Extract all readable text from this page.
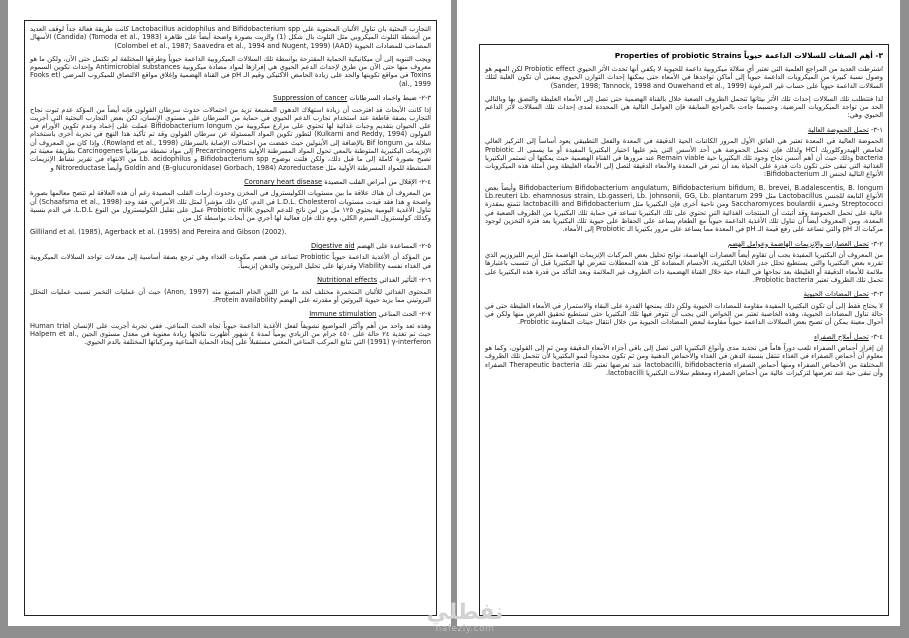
التجارب البحثية بان تناول الألبان المحتوية على Lactobacillus acidophilus and Bifidobacterium spp كانت طريقة فعالة جداً لوقف العديد من أنشطة التلوث الميكروبي مثل التلوث بال شكل (1) والزيت بصورة واضحة أيضاً على ظاهرة (Tomoda et al., 1983) (Candida) الأسهال المصاحب للمضادات الحيوية (AAD) (Colombel et al., 1987; Saavedra et al., 1994 and Nugent, 1999)

ويجب التنويه إلى أن ميكانيكية الحماية المقترحة بواسطة تلك السلالات الميكروبية الداعمة حيوياً وطرقها المختلفة لم تكتمل حتى الآن، ولكن ما هو معروف منها حتى الآن من طرق لإحداث الدعم الحيوي هي إفرازها لمواد مضادة ميكروبية Antimicrobial substances وإحداث تكوين السموم Toxins في مواقع تكوينها والحد على زيادة الحامض الاكتيكي وقيم الـ pH في القناة الهضمية وإغلاق مواقع الالتصاق للميكروب المرضي (Fooks et al., 1999)

٣-٢- ضبط واخماد السرطانات Suppression of cancer

إذا كانت الأبحاث قد افترحت أن زيادة استهلاك الدهون المشبعة تزيد من احتمالات حدوث سرطان القولون فإنه أيضاً من المؤكد عدم ثبوت نجاح التجارب بصفة قاطعة عند استخدام تجارب الدعم الحيوي في حماية من السرطان على مستوى الإنسان، لكن بعض التجارب البحثية التي أجريت على الحيوان بتقديم وجبات غذائية لها تحتوي على مزارع ميكروبية من Bifidobacterium longum عملت على إخماد وعدم تكوين الأورام في القولون (Kulkarni and Reddy, 1994) لتطور تكوين المواد المسئولة عن سرطان القولون وقد تم تأكيد هذا النهج في تجربة أخرى باستخدام سلالة من Bif longum بالإضافة إلى الأينولين حيث خفضت من احتمالات الإصابة بالسرطان (Rowland et al., 1998). وإذا كان من المعروف أن الإنزيمات البكتيرية المتوطنة بالمعي تحول المواد المسرطنة الأولية Precarcinogens إلى مواد نشطة سرطانياً Carcinogenes بطريقة معينة ثم تصبح بصورة كاملة إلى ما قبل ذلك، ولكن فلتت بوضوح Bifidobacterium spp و Lb. acidophilus من الانتهاء في تقرير نشاط الإنزيمات المنشطة للمواد المسرطنة الأولية مثل Goldin and (B-glucuronidase) Gorbach, 1984) Azoreductase وأيضاً Nitroreductase و

٤-٢- الإقلال من أمراض القلب المصيدة Coronary heart disease

من المعروف أن هناك علاقة ما بين مستويات الكوليسترول في المخزن وحدوث أزمات القلب المصيدة رغم أن هذه العلاقة لم تتضح معالمها بصورة واضحة و هذا فقد قيدت مستويات L.D.L. Cholesterol في الدم، كان ذلك مؤشراً لمثل تلك الأمراض، فقد وجد (Schaafsma et al., 1998) أن تناول الأغذية اليومية يحتوي ١٢٥ مل من لبن ناتج للدعم الحيوي Probiotic milk عمل على تقليل الكوليسترول من النوع L.D.L. في الدم بنسبة وكذلك كوليسترول السيرم الكلي، ومع ذلك فإن فعالية لها أجري من أبحاث بواسطة كل من

Gilliland et al. (1985), Agerback et al. (1995) and Pereira and Gibson (2002).

٥-٢- المساعدة على الهضم Digestive aid

من المؤكد أن الأغذية الداعمة حيوياً Probiotic تساعد في هضم مكونات الغذاء وهي ترجع بصفة أساسية إلى معدلات تواجد السلالات الميكروبية في الغذاء نفسه Viability وقدرتها على تحليل البروتين والدهن إنزيمياً.

٦-٢- التأثير الغذائي Nutritional effects

المحتوى الغذائي للألبان المتخمرة مختلف لحد ما عن اللبن الخام المصنع منه (Anon, 1997) حيث أن عمليات التخمر تسبب عمليات التحلل البروتيني مما يزيد حيوية البروتين أو مقدرته على الهضم Protein availability.

٧-٢- الحث المناعي Immune stimulation

وهذه تعد واحد من أهم وأكثر المواضيع تشويقاً لفعل الأغذية الداعمة حيوياً تجاه الحث المناعي. ففي تجربة أجريت على الإنسان Human trial حيث تم تغذية ٢٤ حالة على ٤٥٠ جرام من الزبادي يومياً لمدة ٤ شهور أظهرت نتائجها زيادة معنوية في معدل مستوى الجين Halpern et al., 1991) γ-interferon) التي تتابع المركب المناعي المعني مستقبلاً على إيجاد الحماية المناعية ومركباتها المختلفة بالدم الحيوي.

٣- أهم الصفات للسلالات الداعمة حيوياً Properties of probiotic Strains

اشترطت العديد من المراجع العلمية التي تعتبر أي سلالة ميكروبية داعمة للحيوية لا يكفي أنها تحدث الأثر الحيوي Probiotic effect لكن المهم هو وصول نسبة كبيرة من الميكروبات الداعمة حيوياً إلى أماكن تواجدها في الأمعاء حتى يمكنها إحداث التوازن الحيوي بمعنى أن تكون الغلبة لتلك السلالات الداعمة حيوياً على حساب غير المرغوبة (Sander, 1998; Tannock, 1998 and Ouwehand et al., 1999)

لذا فتتطلب تلك السلالات إحداث تلك الأثر بيئاتها تتحمل الظروف الصعبة خلال بالقناة الهضمية حتى تصل إلى الأمعاء الغليظة والتصق بها وبالتالي الحد من تواجد الميكروبات المرضية. وحسبما جاءت بالمراجع السابقة فإن العوامل التالية هي المحددة لمدى إحداث تلك السلالات لأثر الداعم الحيوي وهي:

١-٣- تحمل الحموضة العالية

الحموضة العالية في المعدة تعتبر هي العائق الأول المرور الكائنات الحية الدقيقة في المعدة والفعل التطبيقي يعود أساساً إلى التركيز العالي لحامض الهيدروكلوريك HCl ولذلك فإن تحمل الحموضة هي أحد الأسس التي يتم عليها اختيار البكتيريا المفيدة أو ما يسمى الـ Probiotic bacteria وذلك حيث أن أهم أسس نجاح وجود تلك البكتيريا حية Remain viable عند مرورها في القناة الهضمية حيث يمكنها أن تستمر البكتيريا الغذائية التي تبقى حتى تكون ذات قدرة على الحياة بعد أن تمر في المعدة والأمعاء الدقيقة لتصل إلى الأمعاء الغليظة ومن أمثلة هذه الميكروبات الأنواع التالية لجنس الـ Bifidobacterium:

Bifidobacterium Bifidobacterium angulatum, Bifidobacterium bifidum, B. brevei, B.adalescentis, B. longum وأيضاً بعض الأنواع التابعة للجنس Lactobacillus مثل Lb.reuteri Lb. ehamnosus strain, Lb.gasseri, Lb. johnsonii, GG, Lb. plantarum 299 Streptococci وخميرة Saccharomyces boulardii ومن ناحية أخرى فإن البكتيريا مثل lactobacilli and Bifidobacterium تتمتع بمقدرة عالية على تحمل الحموضة وقد أثبتت أن المنتجات الغذائية التي تحتوي على تلك البكتيريا تساعد في حماية تلك البكتيريا من الظروف الصعبة في المعدة، ومن المعروف أيضاً أن تناول تلك الأغذية الداعمة حيوياً مع الطعام يساعد على الحفاظ على حيوية تلك البكتيريا بعد فترة التخزين لوجود مركبات الـ pH والتي تساعد على رفع قيمة الـ pH في المعدة مما يساعد على مرور بكتيريا الـ Probiotic إلى الأمعاء.

٢-٣- تحمل العصارات والإنزيمات الهاضمة وعوامل الهضم

من المعروف أن البكتيريا المفيدة يجب أن تقاوم أيضاً العصارات الهاضمة، نواتج تحليل بعض المركبات الإنزيمات الهاضمة مثل أنزيم الليزوزيم الذي تفرزه بعض البكتيريا والتي يستطيع تحلل جدر الخلايا البكتيرية، الأجسام المضادة كل هذه المعطلات تتعرض لها البكتيريا قبل أن تتسبب باعتبارها ملائمة للأمعاء الدقيقة أو الغليظة بعد نجاحها في البقاء حية خلال القناة الهضمية ذات الظروف غير الملائمة وبعد التأكد من قدرة هذه البكتيريا على تحمل تلك الظروف تعتبر Probiotic bacteria.

٣-٣- تحمل المضادات الحيوية

لا يحتاج فقط إلى أن تكون البكتيريا المفيدة مقاومة للمضادات الحيوية ولكن ذلك يمنحها القدرة على البقاء والاستمرار في الأمعاء الغليظة حتى في حالة تناول المضادات الحيوية، وهذه الخاصية تعتبر من الخواص التي يجب أن تتوفر فيها تلك البكتيريا حتى تستطيع تحقيق الغرض منها ولكن في أحوال معينة يمكن أن تصبح بعض السلالات الداعمة حيوياً مقاومة لبعض المضادات الحيوية من خلال انتقال جينات المقاومة Probiotic.

٤-٣- تحمل أملاح الصفراء

إن إفراز أحماض الصفراء تلعب دوراً هاماً في تحديد مدى وأنواع البكتيريا التي تصل إلى باقي أجزاء الأمعاء الدقيقة ومن ثم إلى القولون، وكما هو معلوم أن أحماض الصفراء في الغذاء تنتقل بنسبة الدهن في الغذاء والأحماض الدهنية ومن ثم تكون محدوداً لنمو البكتيريا لأن تتحمل تلك الظروف المختلفة من الأحماض الصفراء ومنها أحماض الصفراء lactobacilli, bifidobacteria عند تعرضها تعتبر تلك Therapeutic bacteria الصفراء وأن تبقى حية عند تعرضها لتركيزات عالية من أحماض الصفراء ومعظم سلالات البكتيريا lactobacilli.

نفطلي
nafezly.com
